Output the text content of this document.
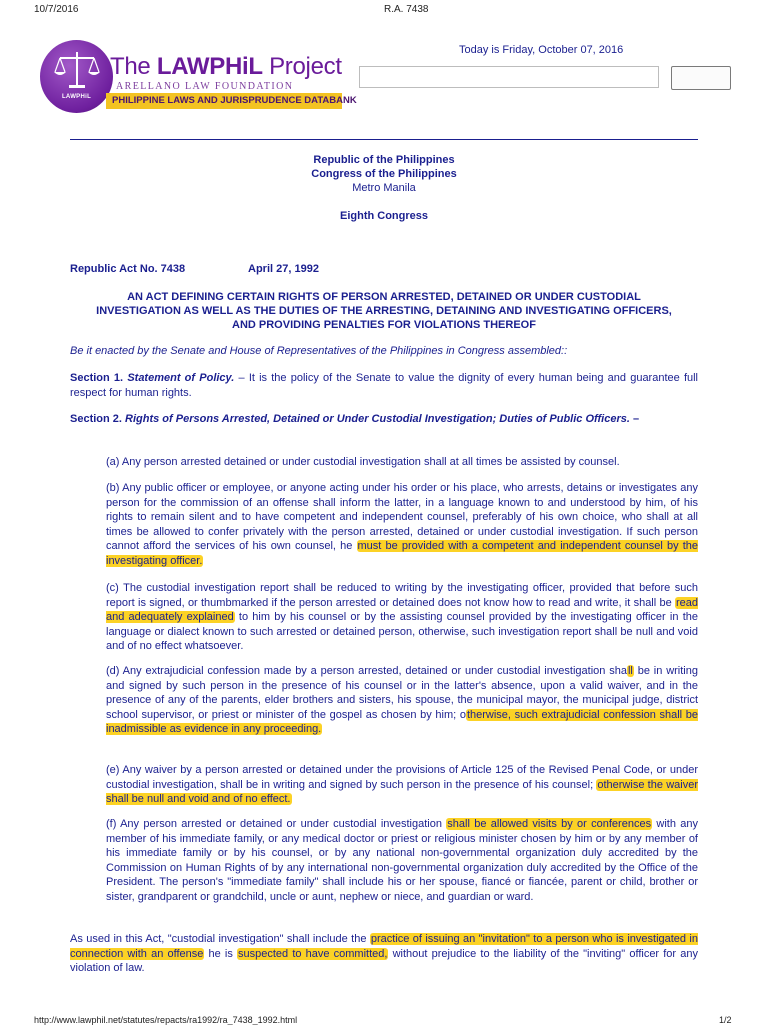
10/7/2016	R.A. 7438
LAWPHiL
The LAWPHiL Project
ARELLANO LAW FOUNDATION
PHILIPPINE LAWS AND JURISPRUDENCE DATABANK
Today is Friday, October 07, 2016
Republic of the Philippines
Congress of the Philippines
Metro Manila
Eighth Congress
Republic Act No. 7438	April 27, 1992
AN ACT DEFINING CERTAIN RIGHTS OF PERSON ARRESTED, DETAINED OR UNDER CUSTODIAL INVESTIGATION AS WELL AS THE DUTIES OF THE ARRESTING, DETAINING AND INVESTIGATING OFFICERS, AND PROVIDING PENALTIES FOR VIOLATIONS THEREOF
Be it enacted by the Senate and House of Representatives of the Philippines in Congress assembled::
Section 1. Statement of Policy. – It is the policy of the Senate to value the dignity of every human being and guarantee full respect for human rights.
Section 2. Rights of Persons Arrested, Detained or Under Custodial Investigation; Duties of Public Officers. –
(a) Any person arrested detained or under custodial investigation shall at all times be assisted by counsel.
(b) Any public officer or employee, or anyone acting under his order or his place, who arrests, detains or investigates any person for the commission of an offense shall inform the latter, in a language known to and understood by him, of his rights to remain silent and to have competent and independent counsel, preferably of his own choice, who shall at all times be allowed to confer privately with the person arrested, detained or under custodial investigation. If such person cannot afford the services of his own counsel, he must be provided with a competent and independent counsel by the investigating officer.
(c) The custodial investigation report shall be reduced to writing by the investigating officer, provided that before such report is signed, or thumbmarked if the person arrested or detained does not know how to read and write, it shall be read and adequately explained to him by his counsel or by the assisting counsel provided by the investigating officer in the language or dialect known to such arrested or detained person, otherwise, such investigation report shall be null and void and of no effect whatsoever.
(d) Any extrajudicial confession made by a person arrested, detained or under custodial investigation shall be in writing and signed by such person in the presence of his counsel or in the latter's absence, upon a valid waiver, and in the presence of any of the parents, elder brothers and sisters, his spouse, the municipal mayor, the municipal judge, district school supervisor, or priest or minister of the gospel as chosen by him; otherwise, such extrajudicial confession shall be inadmissible as evidence in any proceeding.
(e) Any waiver by a person arrested or detained under the provisions of Article 125 of the Revised Penal Code, or under custodial investigation, shall be in writing and signed by such person in the presence of his counsel; otherwise the waiver shall be null and void and of no effect.
(f) Any person arrested or detained or under custodial investigation shall be allowed visits by or conferences with any member of his immediate family, or any medical doctor or priest or religious minister chosen by him or by any member of his immediate family or by his counsel, or by any national non-governmental organization duly accredited by the Commission on Human Rights of by any international non-governmental organization duly accredited by the Office of the President. The person's "immediate family" shall include his or her spouse, fiancé or fiancée, parent or child, brother or sister, grandparent or grandchild, uncle or aunt, nephew or niece, and guardian or ward.
As used in this Act, "custodial investigation" shall include the practice of issuing an "invitation" to a person who is investigated in connection with an offense he is suspected to have committed, without prejudice to the liability of the "inviting" officer for any violation of law.
http://www.lawphil.net/statutes/repacts/ra1992/ra_7438_1992.html	1/2
